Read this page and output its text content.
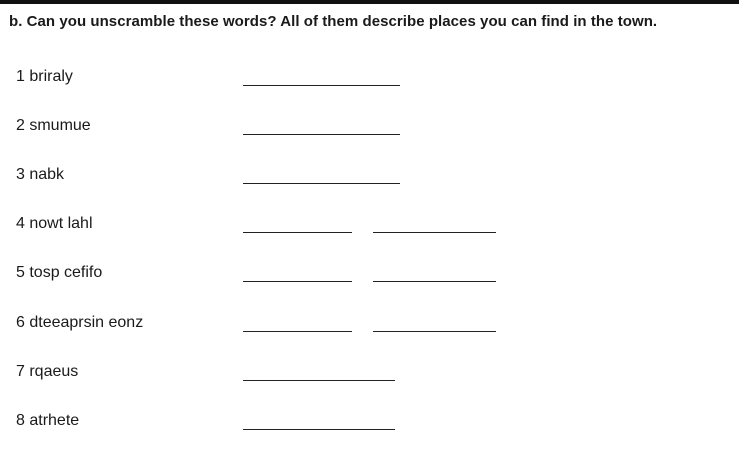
b. Can you unscramble these words? All of them describe places you can find in the town.
1 briraly
2 smumue
3 nabk
4 nowt lahl
5 tosp cefifo
6 dteeaprsin eonz
7 rqaeus
8 atrhete
